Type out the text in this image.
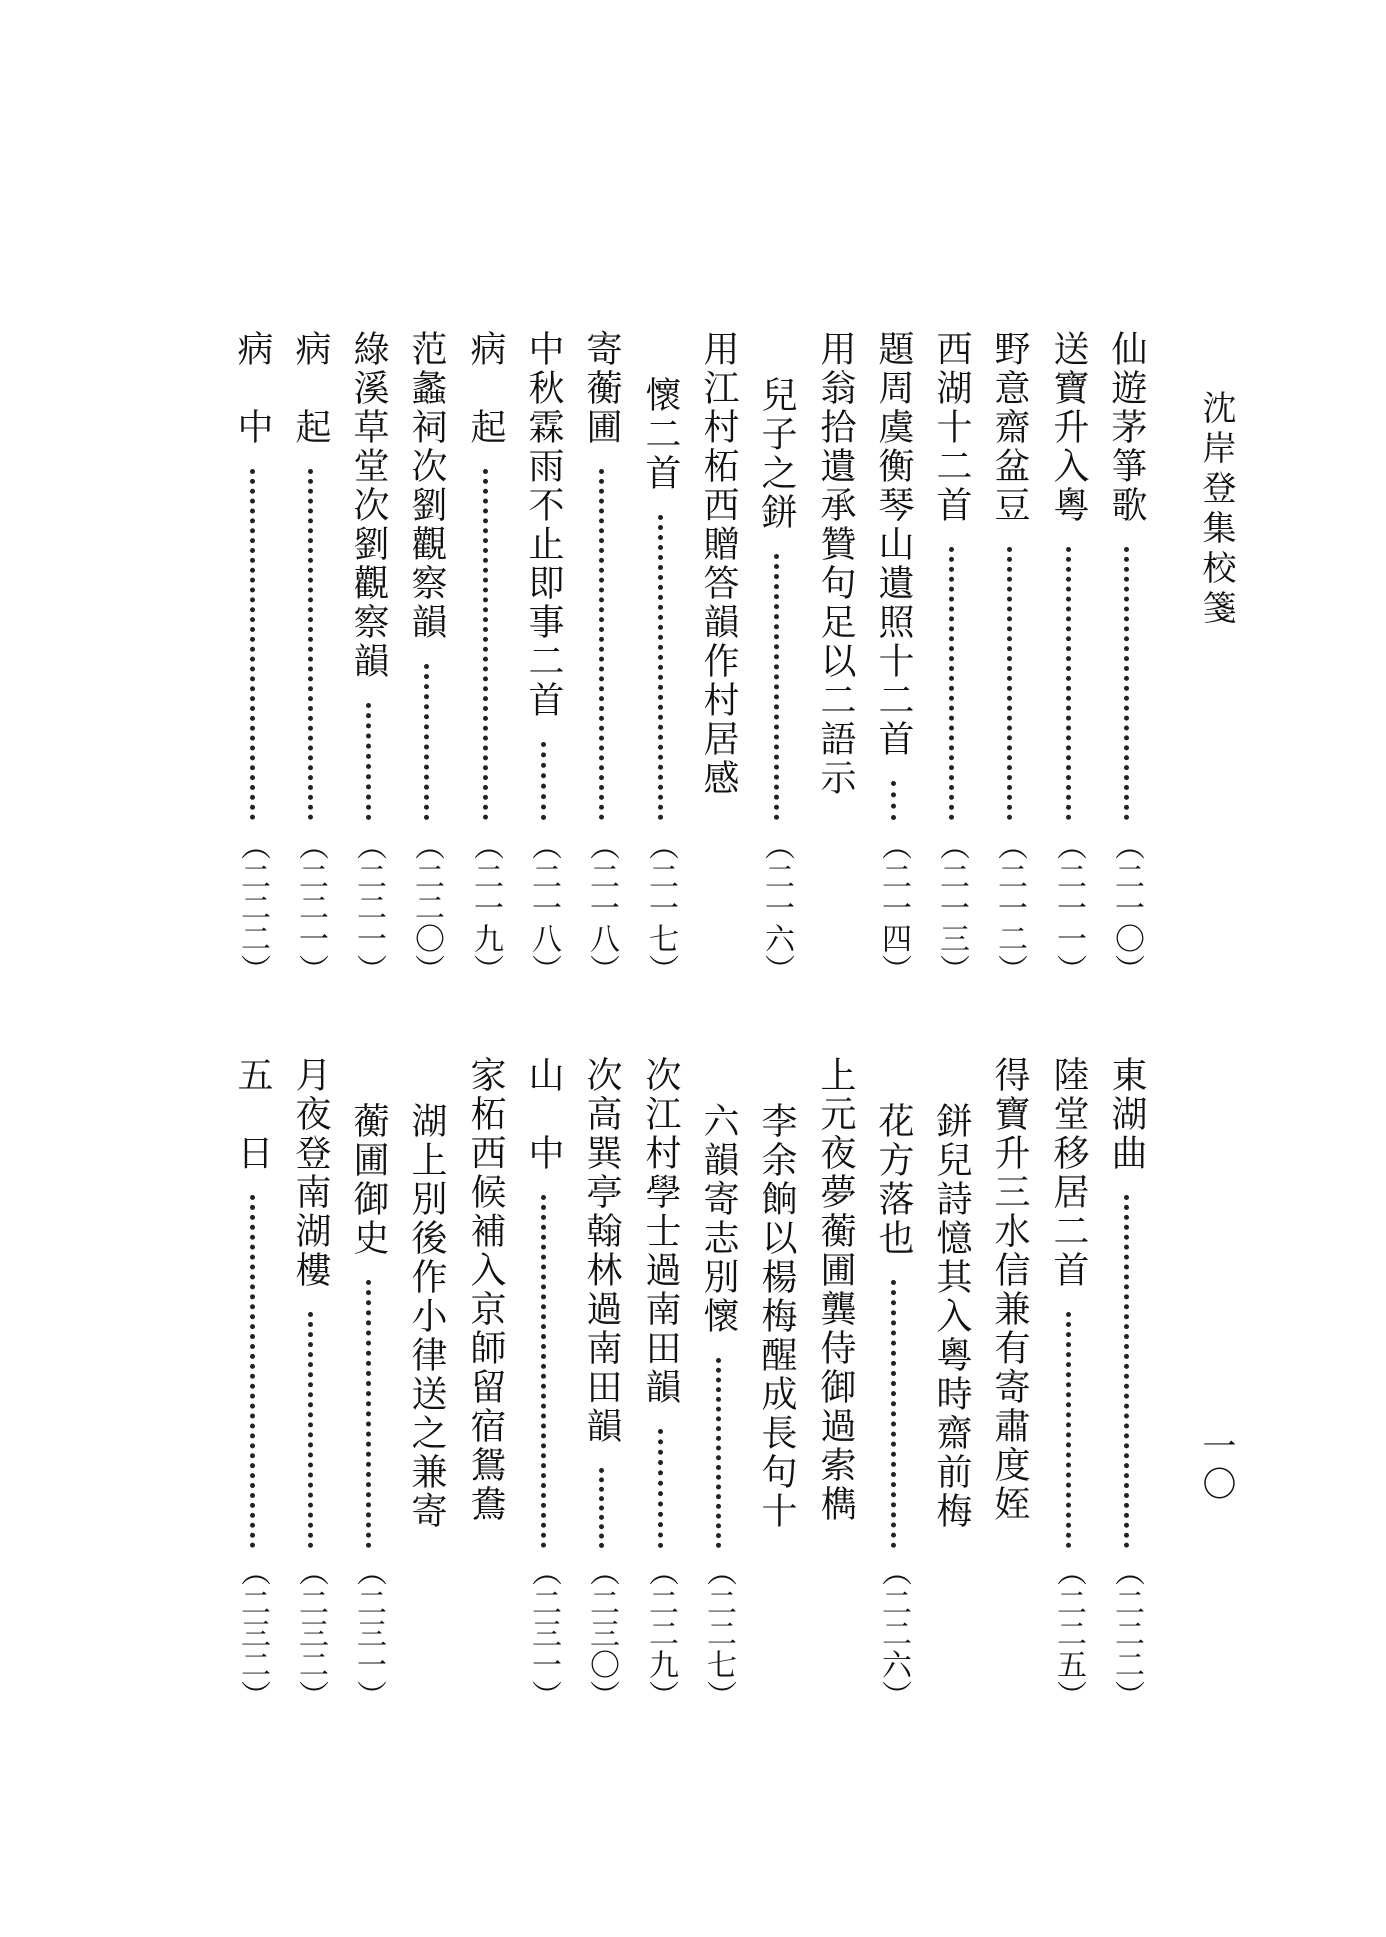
沈岸登集校箋
一〇
仙遊茅箏歌
（二一〇）
送寶升入粵
（二一一）
野意齋盆豆
（二一二）
西湖十二首
（二一三）
題周虞衡琴山遺照十二首
（二一四）
用翁拾遺承贊句足以二語示
兒子之鉼
（二一六）
用江村柘西贈答韻作村居感
懷二首
（二一七）
寄蘅圃
（二一八）
中秋霖雨不止即事二首
（二一八）
病　起
（二一九）
范蠡祠次劉觀察韻
（二二〇）
綠溪草堂次劉觀察韻
（二二一）
病　起
（二二一）
病　中
（二二二）
東湖曲
（二二二）
陸堂移居二首
（二二五）
得寶升三水信兼有寄肅度姪
鉼兒詩憶其入粵時齋前梅
花方落也
（二二六）
上元夜夢蘅圃龔侍御過索檇
李余餉以楊梅醒成長句十
六韻寄志別懷
（二二七）
次江村學士過南田韻
（二二九）
次高巽亭翰林過南田韻
（二三〇）
山　中
（二三一）
家柘西候補入京師留宿鴛鴦
湖上別後作小律送之兼寄
蘅圃御史
（二三一）
月夜登南湖樓
（二三二）
五　日
（二三二）
